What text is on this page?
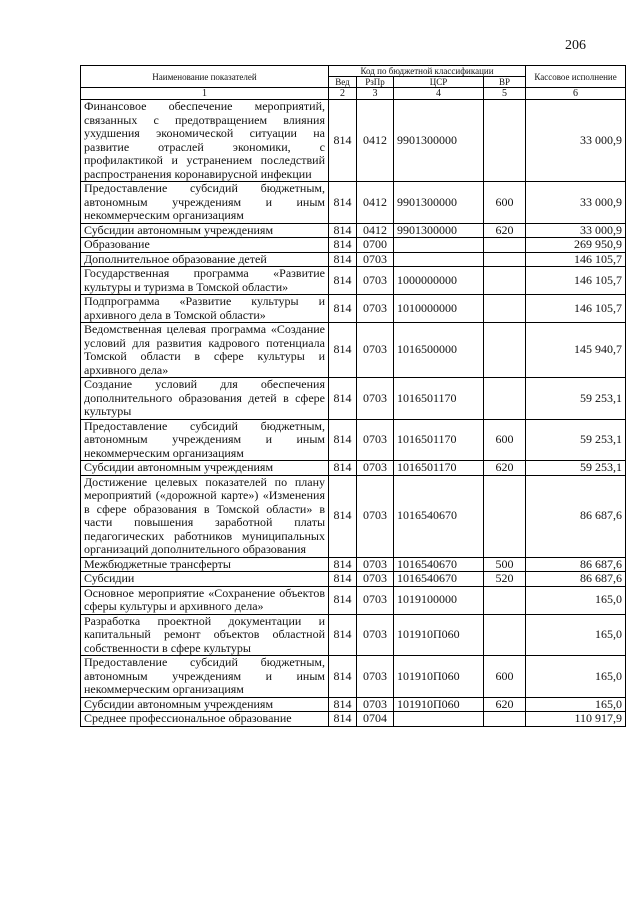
206
Наименование показателей	Код по бюджетной классификации				Кассовое исполнение
	Вед	РзПр	ЦСР	ВР	
1	2	3	4	5	6
Финансовое обеспечение мероприятий, связанных с предотвращением влияния ухудшения экономической ситуации на развитие отраслей экономики, с профилактикой и устранением последствий распространения коронавирусной инфекции	814	0412	9901300000		33 000,9
Предоставление субсидий бюджетным, автономным учреждениям и иным некоммерческим организациям	814	0412	9901300000	600	33 000,9
Субсидии автономным учреждениям	814	0412	9901300000	620	33 000,9
Образование	814	0700			269 950,9
Дополнительное образование детей	814	0703			146 105,7
Государственная программа «Развитие культуры и туризма в Томской области»	814	0703	1000000000		146 105,7
Подпрограмма «Развитие культуры и архивного дела в Томской области»	814	0703	1010000000		146 105,7
Ведомственная целевая программа «Создание условий для развития кадрового потенциала Томской области в сфере культуры и архивного дела»	814	0703	1016500000		145 940,7
Создание условий для обеспечения дополнительного образования детей в сфере культуры	814	0703	1016501170		59 253,1
Предоставление субсидий бюджетным, автономным учреждениям и иным некоммерческим организациям	814	0703	1016501170	600	59 253,1
Субсидии автономным учреждениям	814	0703	1016501170	620	59 253,1
Достижение целевых показателей по плану мероприятий («дорожной карте») «Изменения в сфере образования в Томской области» в части повышения заработной платы педагогических работников муниципальных организаций дополнительного образования	814	0703	1016540670		86 687,6
Межбюджетные трансферты	814	0703	1016540670	500	86 687,6
Субсидии	814	0703	1016540670	520	86 687,6
Основное мероприятие «Сохранение объектов сферы культуры и архивного дела»	814	0703	1019100000		165,0
Разработка проектной документации и капитальный ремонт объектов областной собственности в сфере культуры	814	0703	101910П060		165,0
Предоставление субсидий бюджетным, автономным учреждениям и иным некоммерческим организациям	814	0703	101910П060	600	165,0
Субсидии автономным учреждениям	814	0703	101910П060	620	165,0
Среднее профессиональное образование	814	0704			110 917,9
